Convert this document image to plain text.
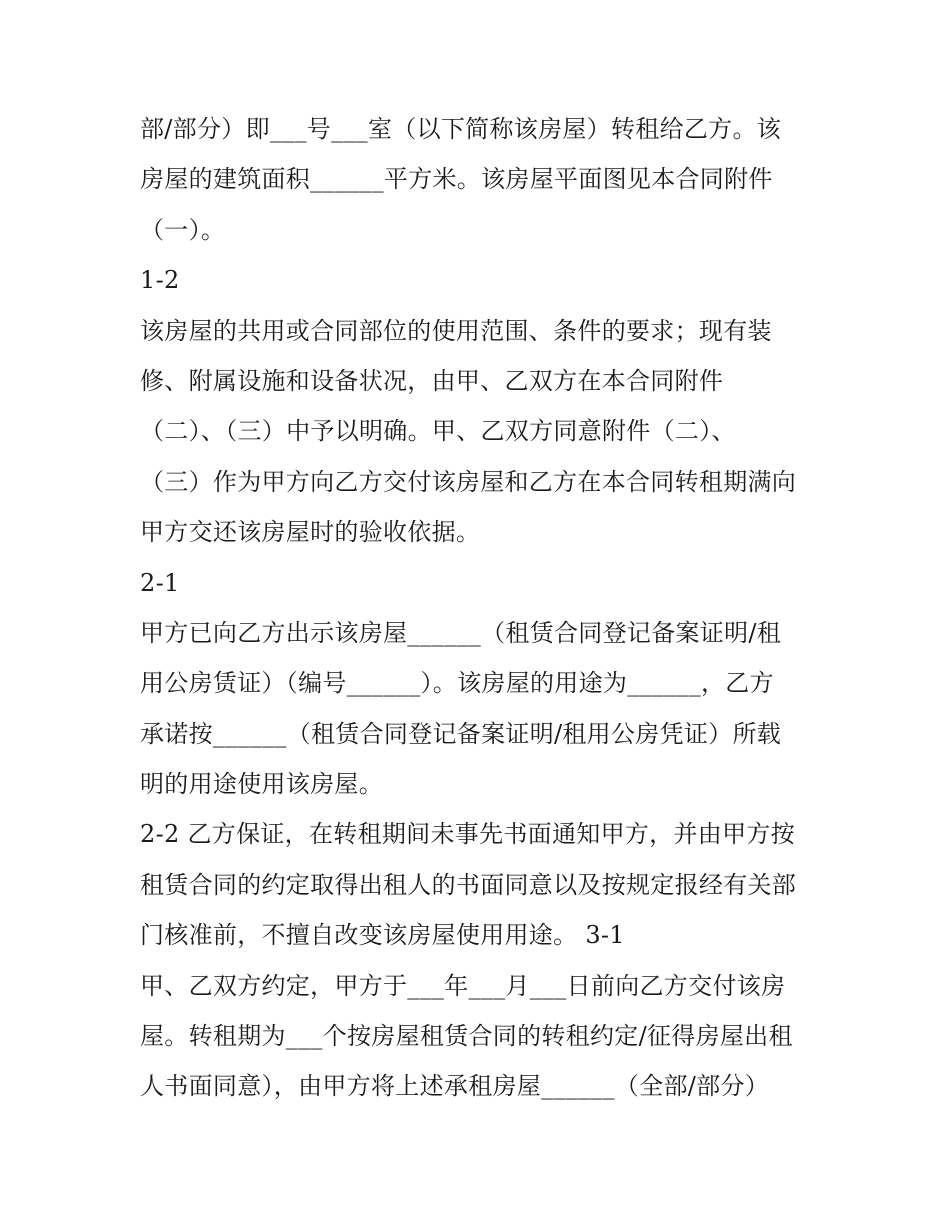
部/部分）即___号___室（以下简称该房屋）转租给乙方。该
房屋的建筑面积______平方米。该房屋平面图见本合同附件
（一）。
1-2
该房屋的共用或合同部位的使用范围、条件的要求；现有装
修、附属设施和设备状况，由甲、乙双方在本合同附件
（二）、（三）中予以明确。甲、乙双方同意附件（二）、
（三）作为甲方向乙方交付该房屋和乙方在本合同转租期满向
甲方交还该房屋时的验收依据。
2-1
甲方已向乙方出示该房屋______（租赁合同登记备案证明/租
用公房赁证）（编号______）。该房屋的用途为______，乙方
承诺按______（租赁合同登记备案证明/租用公房凭证）所载
明的用途使用该房屋。
2-2 乙方保证，在转租期间未事先书面通知甲方，并由甲方按
租赁合同的约定取得出租人的书面同意以及按规定报经有关部
门核准前，不擅自改变该房屋使用用途。 3-1
甲、乙双方约定，甲方于___年___月___日前向乙方交付该房
屋。转租期为___个按房屋租赁合同的转租约定/征得房屋出租
人书面同意），由甲方将上述承租房屋______（全部/部分）
